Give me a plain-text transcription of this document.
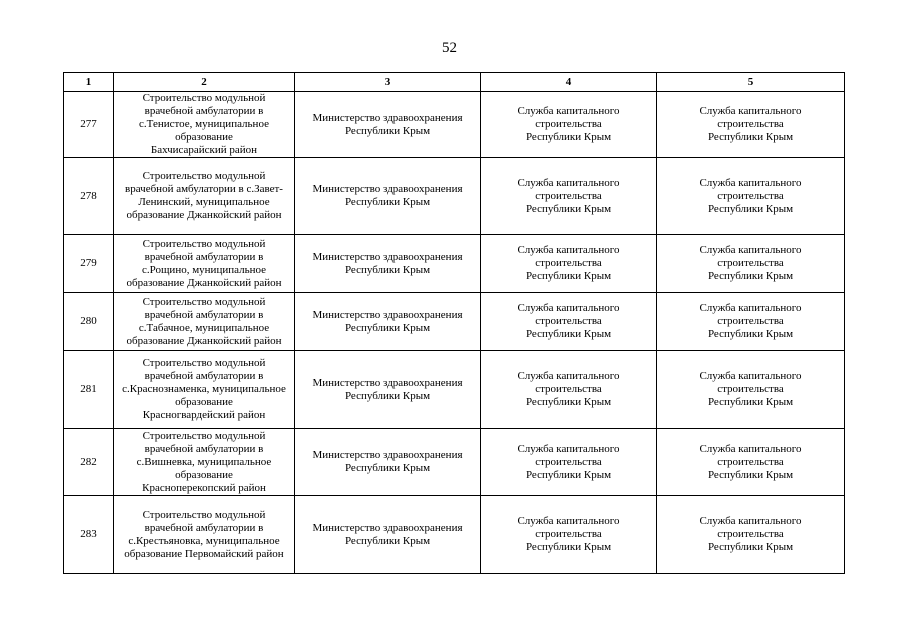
52
1	2	3	4	5
277	Строительство модульной
врачебной амбулатории в
с.Тенистое, муниципальное
образование
Бахчисарайский район	Министерство здравоохранения
Республики Крым	Служба капитального
строительства
Республики Крым	Служба капитального
строительства
Республики Крым
278	Строительство модульной
врачебной амбулатории в с.Завет-
Ленинский, муниципальное
образование Джанкойский район	Министерство здравоохранения
Республики Крым	Служба капитального
строительства
Республики Крым	Служба капитального
строительства
Республики Крым
279	Строительство модульной
врачебной амбулатории в
с.Рощино, муниципальное
образование Джанкойский район	Министерство здравоохранения
Республики Крым	Служба капитального
строительства
Республики Крым	Служба капитального
строительства
Республики Крым
280	Строительство модульной
врачебной амбулатории в
с.Табачное, муниципальное
образование Джанкойский район	Министерство здравоохранения
Республики Крым	Служба капитального
строительства
Республики Крым	Служба капитального
строительства
Республики Крым
281	Строительство модульной
врачебной амбулатории в
с.Краснознаменка, муниципальное
образование
Красногвардейский район	Министерство здравоохранения
Республики Крым	Служба капитального
строительства
Республики Крым	Служба капитального
строительства
Республики Крым
282	Строительство модульной
врачебной амбулатории в
с.Вишневка, муниципальное
образование
Красноперекопский район	Министерство здравоохранения
Республики Крым	Служба капитального
строительства
Республики Крым	Служба капитального
строительства
Республики Крым
283	Строительство модульной
врачебной амбулатории в
с.Крестьяновка, муниципальное
образование Первомайский район	Министерство здравоохранения
Республики Крым	Служба капитального
строительства
Республики Крым	Служба капитального
строительства
Республики Крым
